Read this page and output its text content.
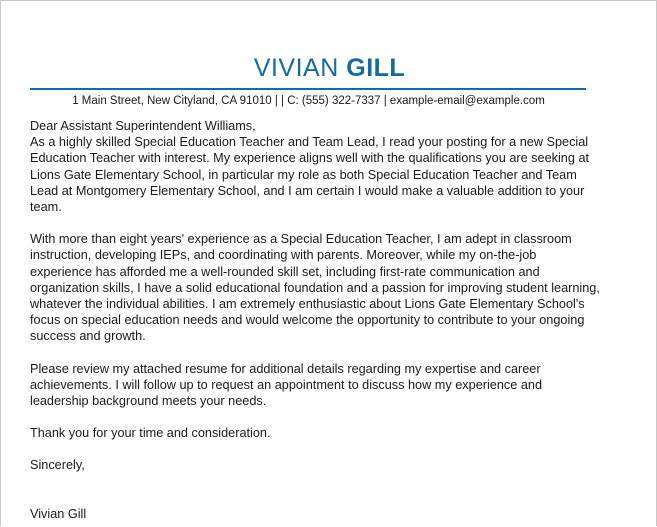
VIVIAN GILL
1 Main Street, New Cityland, CA 91010 | | C: (555) 322-7337 | example-email@example.com
Dear Assistant Superintendent Williams,
As a highly skilled Special Education Teacher and Team Lead, I read your posting for a new Special
Education Teacher with interest. My experience aligns well with the qualifications you are seeking at
Lions Gate Elementary School, in particular my role as both Special Education Teacher and Team
Lead at Montgomery Elementary School, and I am certain I would make a valuable addition to your
team.
With more than eight years' experience as a Special Education Teacher, I am adept in classroom
instruction, developing IEPs, and coordinating with parents. Moreover, while my on-the-job
experience has afforded me a well-rounded skill set, including first-rate communication and
organization skills, I have a solid educational foundation and a passion for improving student learning,
whatever the individual abilities. I am extremely enthusiastic about Lions Gate Elementary School's
focus on special education needs and would welcome the opportunity to contribute to your ongoing
success and growth.
Please review my attached resume for additional details regarding my expertise and career
achievements. I will follow up to request an appointment to discuss how my experience and
leadership background meets your needs.
Thank you for your time and consideration.
Sincerely,
Vivian Gill
